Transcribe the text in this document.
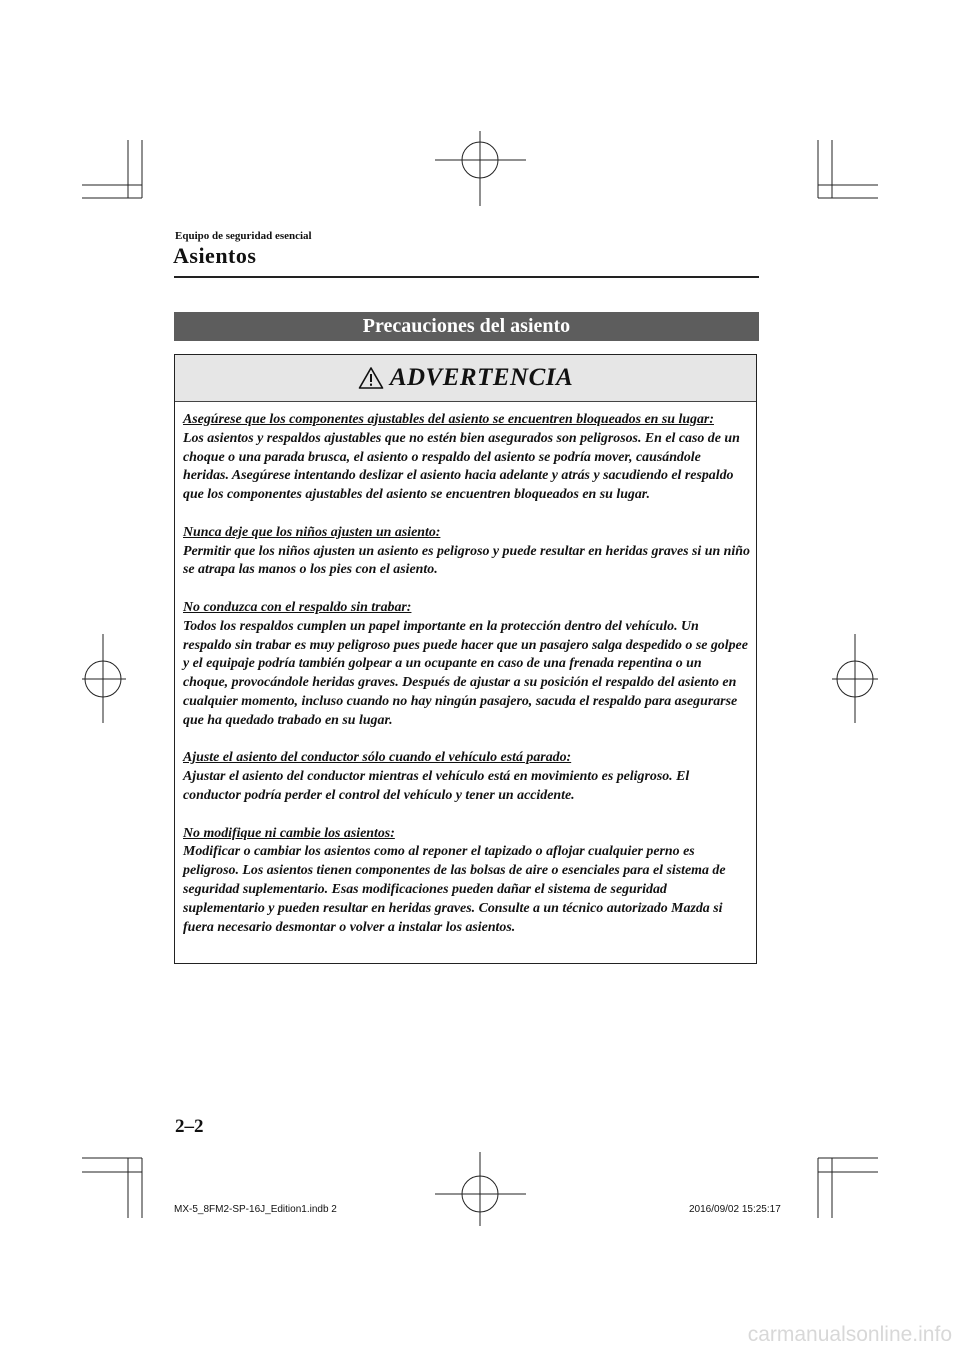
Equipo de seguridad esencial
Asientos
Precauciones del asiento
ADVERTENCIA
Asegúrese que los componentes ajustables del asiento se encuentren bloqueados en su lugar:
Los asientos y respaldos ajustables que no estén bien asegurados son peligrosos. En el caso de un choque o una parada brusca, el asiento o respaldo del asiento se podría mover, causándole heridas. Asegúrese intentando deslizar el asiento hacia adelante y atrás y sacudiendo el respaldo que los componentes ajustables del asiento se encuentren bloqueados en su lugar.
Nunca deje que los niños ajusten un asiento:
Permitir que los niños ajusten un asiento es peligroso y puede resultar en heridas graves si un niño se atrapa las manos o los pies con el asiento.
No conduzca con el respaldo sin trabar:
Todos los respaldos cumplen un papel importante en la protección dentro del vehículo. Un respaldo sin trabar es muy peligroso pues puede hacer que un pasajero salga despedido o se golpee y el equipaje podría también golpear a un ocupante en caso de una frenada repentina o un choque, provocándole heridas graves. Después de ajustar a su posición el respaldo del asiento en cualquier momento, incluso cuando no hay ningún pasajero, sacuda el respaldo para asegurarse que ha quedado trabado en su lugar.
Ajuste el asiento del conductor sólo cuando el vehículo está parado:
Ajustar el asiento del conductor mientras el vehículo está en movimiento es peligroso. El conductor podría perder el control del vehículo y tener un accidente.
No modifique ni cambie los asientos:
Modificar o cambiar los asientos como al reponer el tapizado o aflojar cualquier perno es peligroso. Los asientos tienen componentes de las bolsas de aire o esenciales para el sistema de seguridad suplementario. Esas modificaciones pueden dañar el sistema de seguridad suplementario y pueden resultar en heridas graves. Consulte a un técnico autorizado Mazda si fuera necesario desmontar o volver a instalar los asientos.
2–2
MX-5_8FM2-SP-16J_Edition1.indb 2	2016/09/02 15:25:17
carmanualsonline.info
